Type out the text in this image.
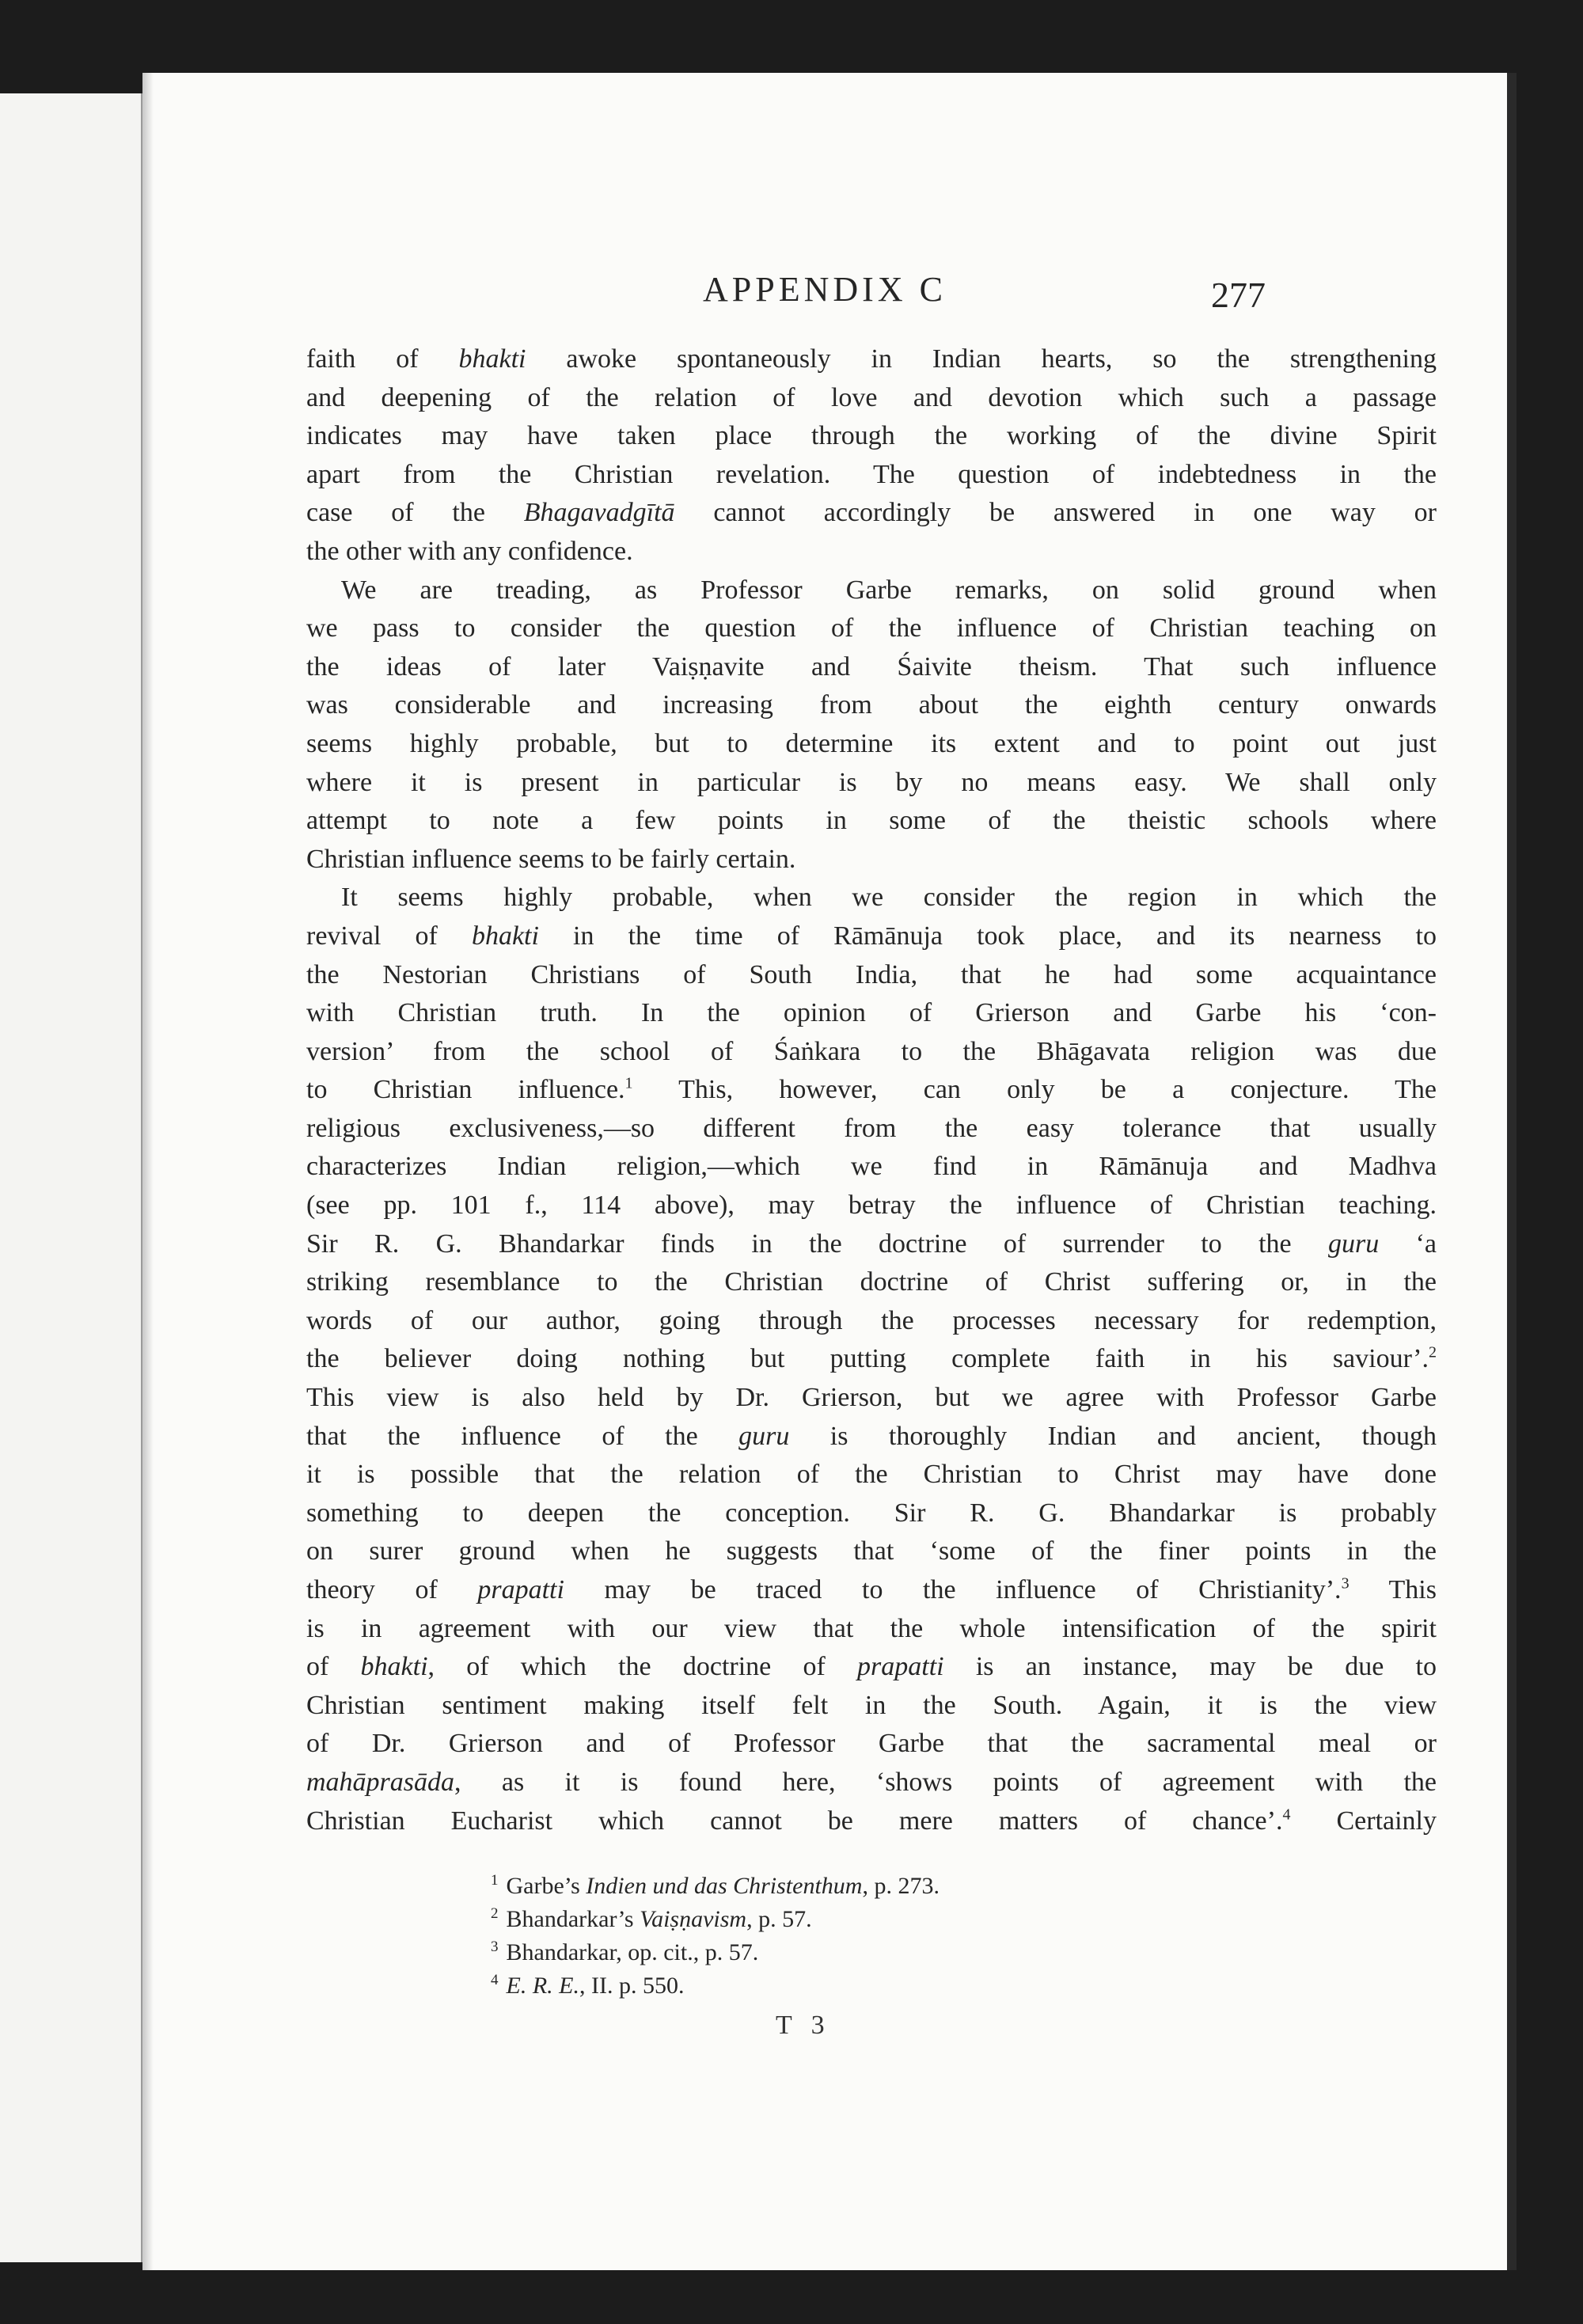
APPENDIX C	277

faith of bhakti awoke spontaneously in Indian hearts, so the strengthening
and deepening of the relation of love and devotion which such a passage
indicates may have taken place through the working of the divine Spirit
apart from the Christian revelation. The question of indebtedness in the
case of the Bhagavadgītā cannot accordingly be answered in one way or
the other with any confidence.

We are treading, as Professor Garbe remarks, on solid ground when
we pass to consider the question of the influence of Christian teaching on
the ideas of later Vaiṣṇavite and Śaivite theism. That such influence
was considerable and increasing from about the eighth century onwards
seems highly probable, but to determine its extent and to point out just
where it is present in particular is by no means easy. We shall only
attempt to note a few points in some of the theistic schools where
Christian influence seems to be fairly certain.

It seems highly probable, when we consider the region in which the
revival of bhakti in the time of Rāmānuja took place, and its nearness to
the Nestorian Christians of South India, that he had some acquaintance
with Christian truth. In the opinion of Grierson and Garbe his ‘con-
version’ from the school of Śaṅkara to the Bhāgavata religion was due
to Christian influence.$^1$ This, however, can only be a conjecture. The
religious exclusiveness,—so different from the easy tolerance that usually
characterizes Indian religion,—which we find in Rāmānuja and Madhva
(see pp. 101 f., 114 above), may betray the influence of Christian teaching.
Sir R. G. Bhandarkar finds in the doctrine of surrender to the guru ‘a
striking resemblance to the Christian doctrine of Christ suffering or, in the
words of our author, going through the processes necessary for redemption,
the believer doing nothing but putting complete faith in his saviour’.$^2$
This view is also held by Dr. Grierson, but we agree with Professor Garbe
that the influence of the guru is thoroughly Indian and ancient, though
it is possible that the relation of the Christian to Christ may have done
something to deepen the conception. Sir R. G. Bhandarkar is probably
on surer ground when he suggests that ‘some of the finer points in the
theory of prapatti may be traced to the influence of Christianity’.$^3$ This
is in agreement with our view that the whole intensification of the spirit
of bhakti, of which the doctrine of prapatti is an instance, may be due to
Christian sentiment making itself felt in the South. Again, it is the view
of Dr. Grierson and of Professor Garbe that the sacramental meal or
mahāprasāda, as it is found here, ‘shows points of agreement with the
Christian Eucharist which cannot be mere matters of chance’.$^4$ Certainly

$^1$ Garbe’s Indien und das Christenthum, p. 273.
$^2$ Bhandarkar’s Vaiṣṇavism, p. 57.
$^3$ Bhandarkar, op. cit., p. 57.
$^4$ E. R. E., II. p. 550.
T 3
